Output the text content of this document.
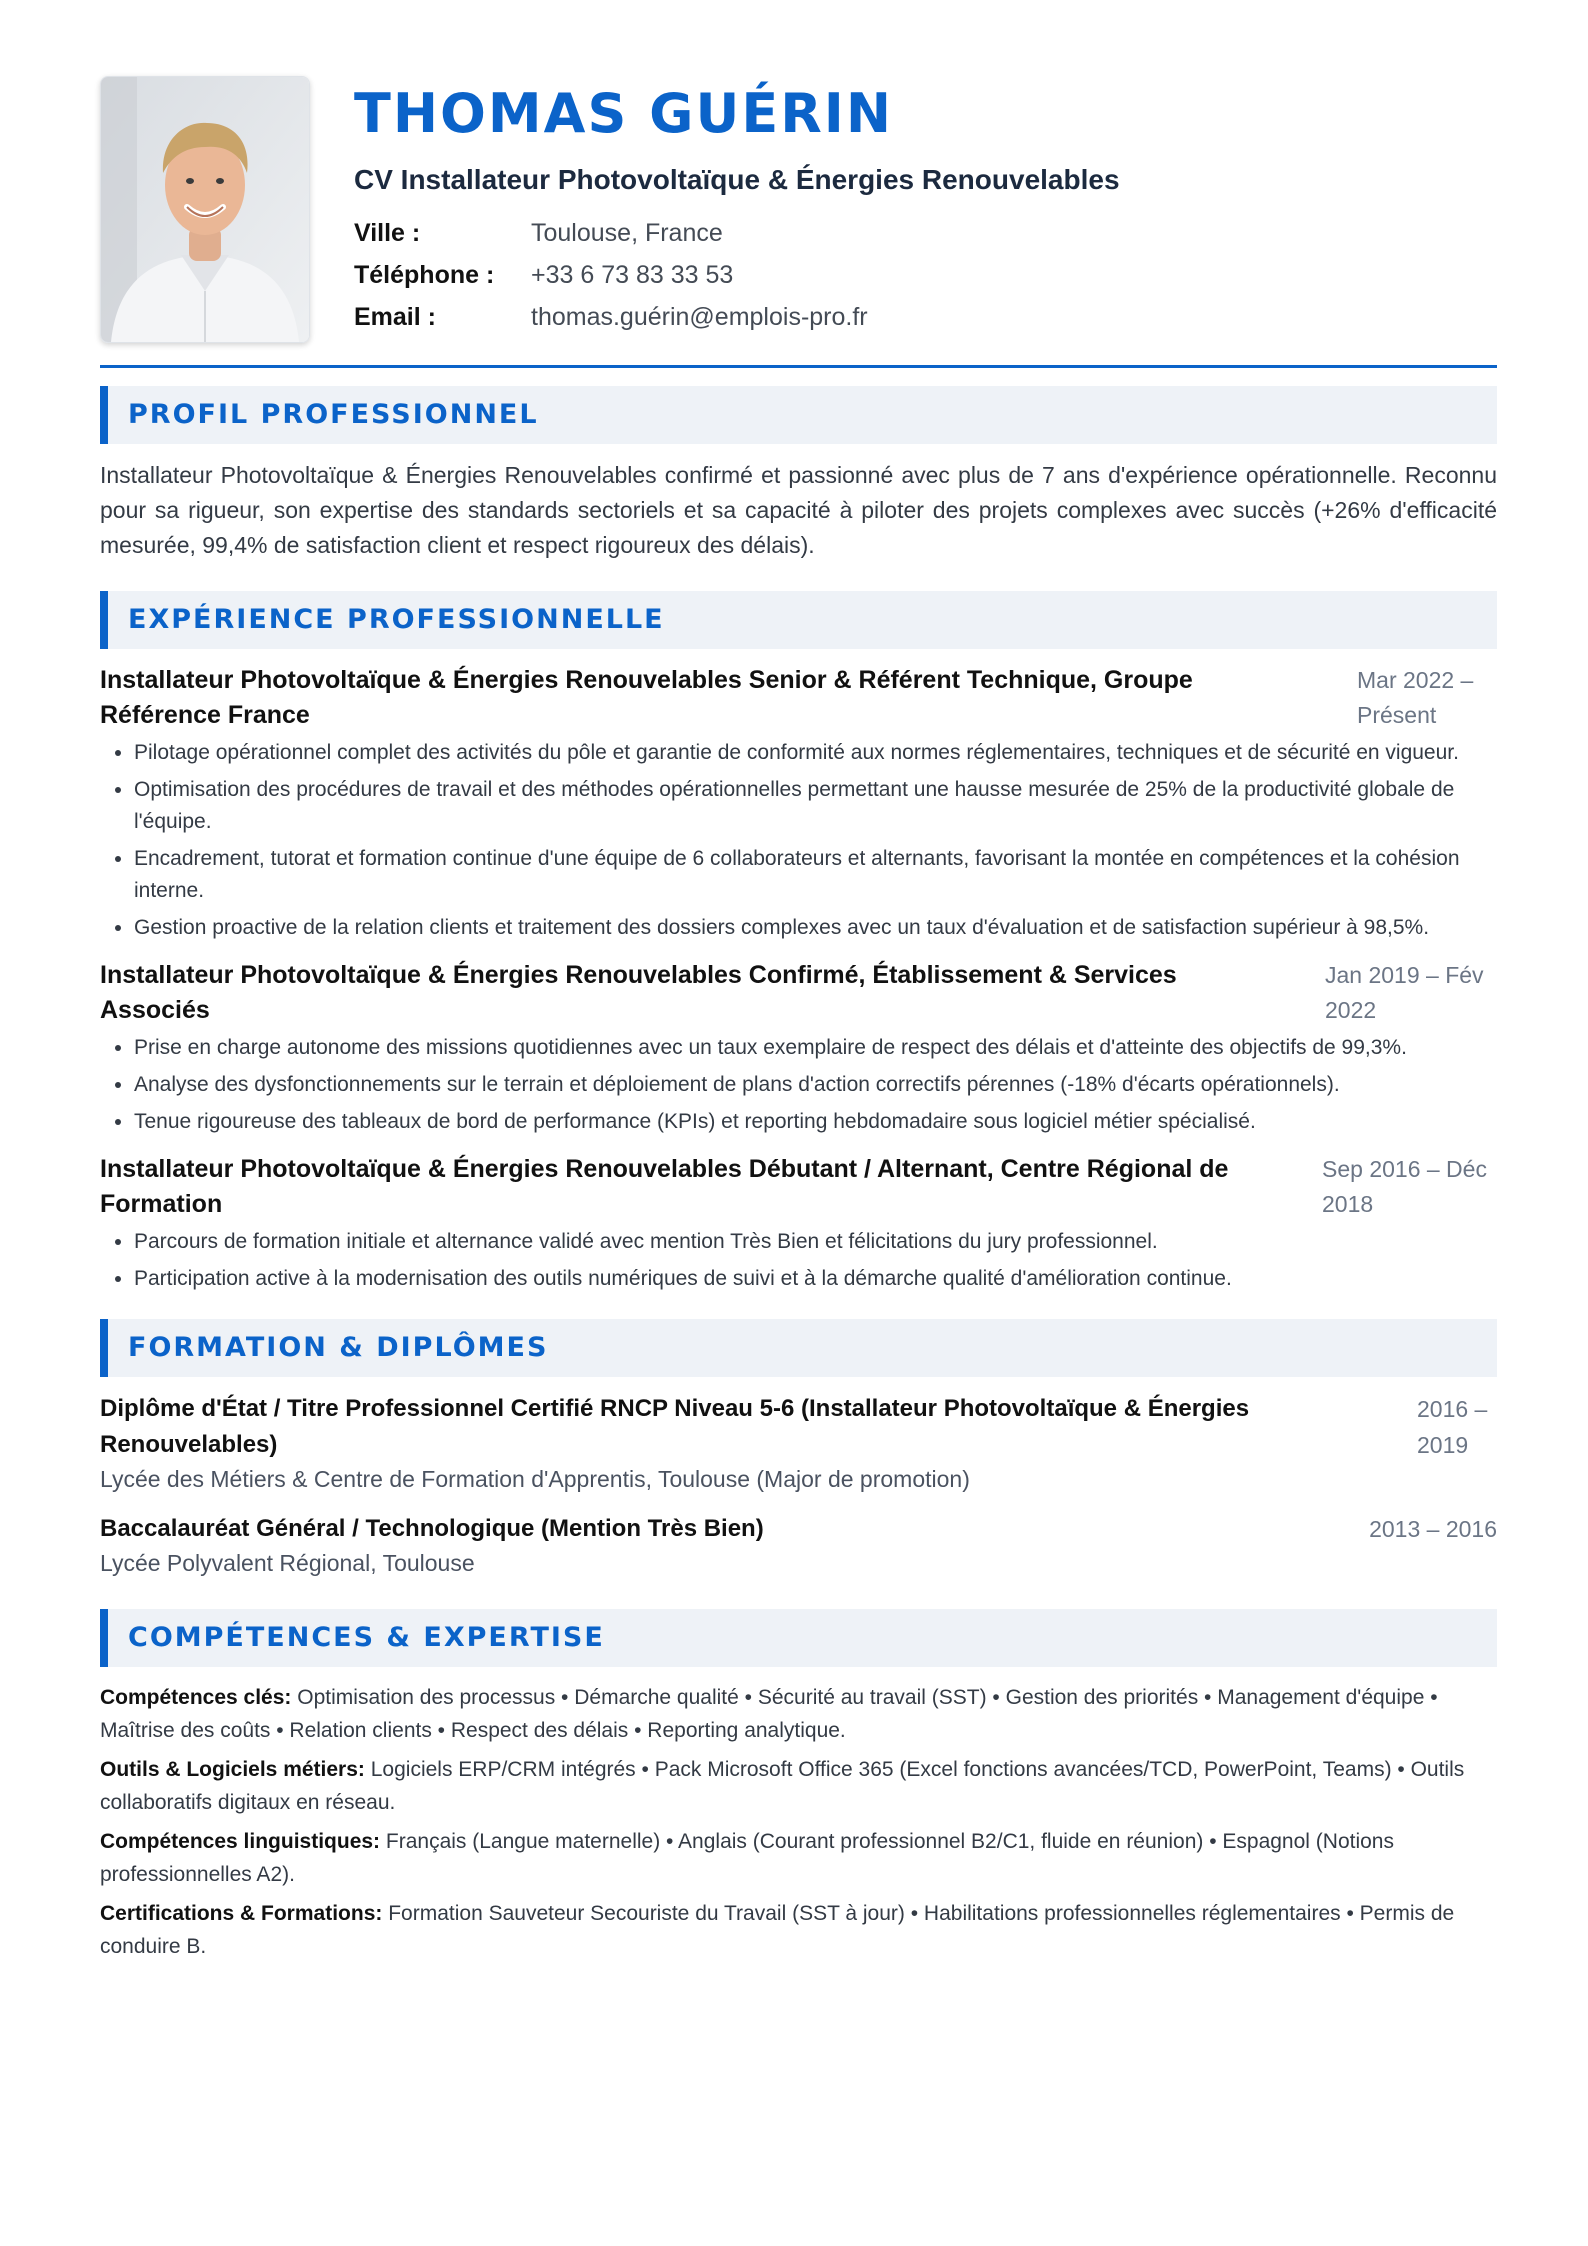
THOMAS GUÉRIN
CV Installateur Photovoltaïque & Énergies Renouvelables
Ville :	Toulouse, France
Téléphone :	+33 6 73 83 33 53
Email :	thomas.guérin@emplois-pro.fr
PROFIL PROFESSIONNEL

Installateur Photovoltaïque & Énergies Renouvelables confirmé et passionné avec plus de 7 ans d'expérience opérationnelle. Reconnu pour sa rigueur, son expertise des standards sectoriels et sa capacité à piloter des projets complexes avec succès (+26% d'efficacité mesurée, 99,4% de satisfaction client et respect rigoureux des délais).

EXPÉRIENCE PROFESSIONNELLE
Installateur Photovoltaïque & Énergies Renouvelables Senior & Référent Technique, Groupe Référence France
Mar 2022 – Présent
• Pilotage opérationnel complet des activités du pôle et garantie de conformité aux normes réglementaires, techniques et de sécurité en vigueur.
• Optimisation des procédures de travail et des méthodes opérationnelles permettant une hausse mesurée de 25% de la productivité globale de l'équipe.
• Encadrement, tutorat et formation continue d'une équipe de 6 collaborateurs et alternants, favorisant la montée en compétences et la cohésion interne.
• Gestion proactive de la relation clients et traitement des dossiers complexes avec un taux d'évaluation et de satisfaction supérieur à 98,5%.
Installateur Photovoltaïque & Énergies Renouvelables Confirmé, Établissement & Services Associés
Jan 2019 – Fév 2022
• Prise en charge autonome des missions quotidiennes avec un taux exemplaire de respect des délais et d'atteinte des objectifs de 99,3%.
• Analyse des dysfonctionnements sur le terrain et déploiement de plans d'action correctifs pérennes (-18% d'écarts opérationnels).
• Tenue rigoureuse des tableaux de bord de performance (KPIs) et reporting hebdomadaire sous logiciel métier spécialisé.
Installateur Photovoltaïque & Énergies Renouvelables Débutant / Alternant, Centre Régional de Formation
Sep 2016 – Déc 2018
• Parcours de formation initiale et alternance validé avec mention Très Bien et félicitations du jury professionnel.
• Participation active à la modernisation des outils numériques de suivi et à la démarche qualité d'amélioration continue.
FORMATION & DIPLÔMES
Diplôme d'État / Titre Professionnel Certifié RNCP Niveau 5-6 (Installateur Photovoltaïque & Énergies Renouvelables)
2016 – 2019
Lycée des Métiers & Centre de Formation d'Apprentis, Toulouse (Major de promotion)
Baccalauréat Général / Technologique (Mention Très Bien)	2013 – 2016
Lycée Polyvalent Régional, Toulouse
COMPÉTENCES & EXPERTISE
Compétences clés: Optimisation des processus • Démarche qualité • Sécurité au travail (SST) • Gestion des priorités • Management d'équipe • Maîtrise des coûts • Relation clients • Respect des délais • Reporting analytique.
Outils & Logiciels métiers: Logiciels ERP/CRM intégrés • Pack Microsoft Office 365 (Excel fonctions avancées/TCD, PowerPoint, Teams) • Outils collaboratifs digitaux en réseau.
Compétences linguistiques: Français (Langue maternelle) • Anglais (Courant professionnel B2/C1, fluide en réunion) • Espagnol (Notions professionnelles A2).
Certifications & Formations: Formation Sauveteur Secouriste du Travail (SST à jour) • Habilitations professionnelles réglementaires • Permis de conduire B.
